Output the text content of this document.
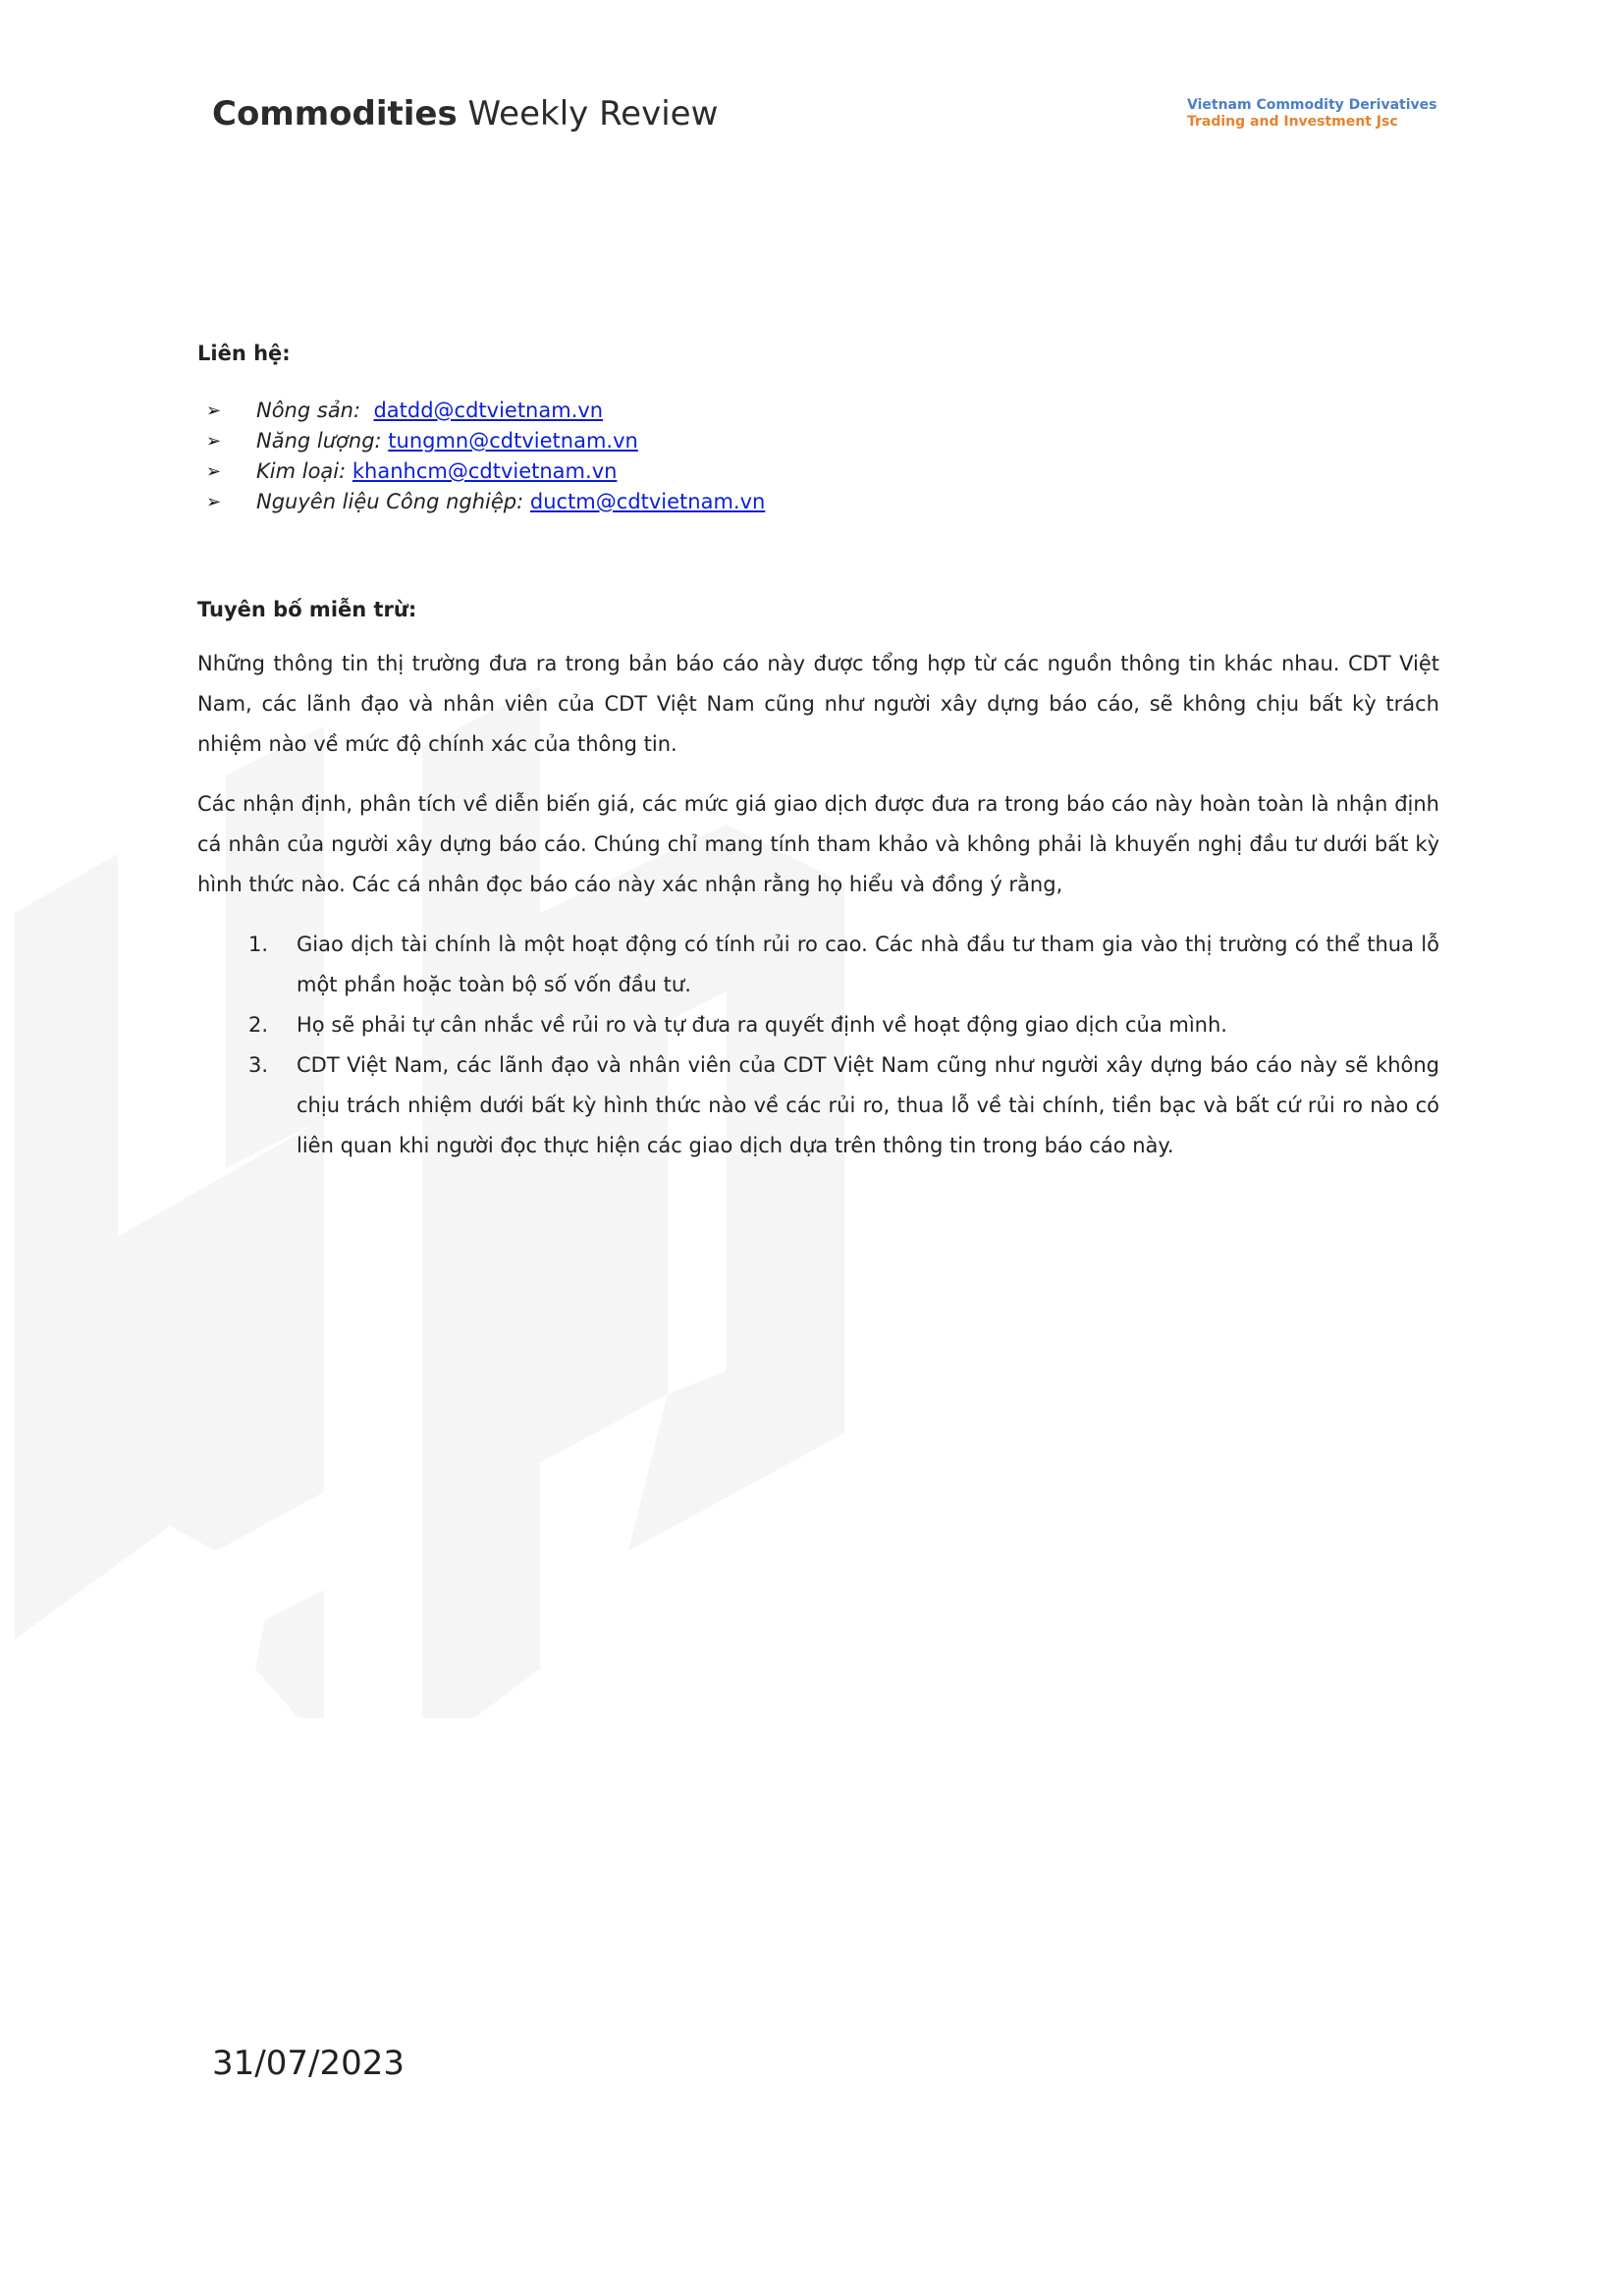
Commodities Weekly Review	Vietnam Commodity Derivatives
Trading and Investment Jsc
Liên hệ:
➢ Nông sản: datdd@cdtvietnam.vn
➢ Năng lượng: tungmn@cdtvietnam.vn
➢ Kim loại: khanhcm@cdtvietnam.vn
➢ Nguyên liệu Công nghiệp: ductm@cdtvietnam.vn
Tuyên bố miễn trừ:

Những thông tin thị trường đưa ra trong bản báo cáo này được tổng hợp từ các nguồn thông tin khác nhau. CDT Việt Nam, các lãnh đạo và nhân viên của CDT Việt Nam cũng như người xây dựng báo cáo, sẽ không chịu bất kỳ trách nhiệm nào về mức độ chính xác của thông tin.

Các nhận định, phân tích về diễn biến giá, các mức giá giao dịch được đưa ra trong báo cáo này hoàn toàn là nhận định cá nhân của người xây dựng báo cáo. Chúng chỉ mang tính tham khảo và không phải là khuyến nghị đầu tư dưới bất kỳ hình thức nào. Các cá nhân đọc báo cáo này xác nhận rằng họ hiểu và đồng ý rằng,

1. Giao dịch tài chính là một hoạt động có tính rủi ro cao. Các nhà đầu tư tham gia vào thị trường có thể thua lỗ một phần hoặc toàn bộ số vốn đầu tư.
2. Họ sẽ phải tự cân nhắc về rủi ro và tự đưa ra quyết định về hoạt động giao dịch của mình.
3. CDT Việt Nam, các lãnh đạo và nhân viên của CDT Việt Nam cũng như người xây dựng báo cáo này sẽ không chịu trách nhiệm dưới bất kỳ hình thức nào về các rủi ro, thua lỗ về tài chính, tiền bạc và bất cứ rủi ro nào có liên quan khi người đọc thực hiện các giao dịch dựa trên thông tin trong báo cáo này.
31/07/2023
